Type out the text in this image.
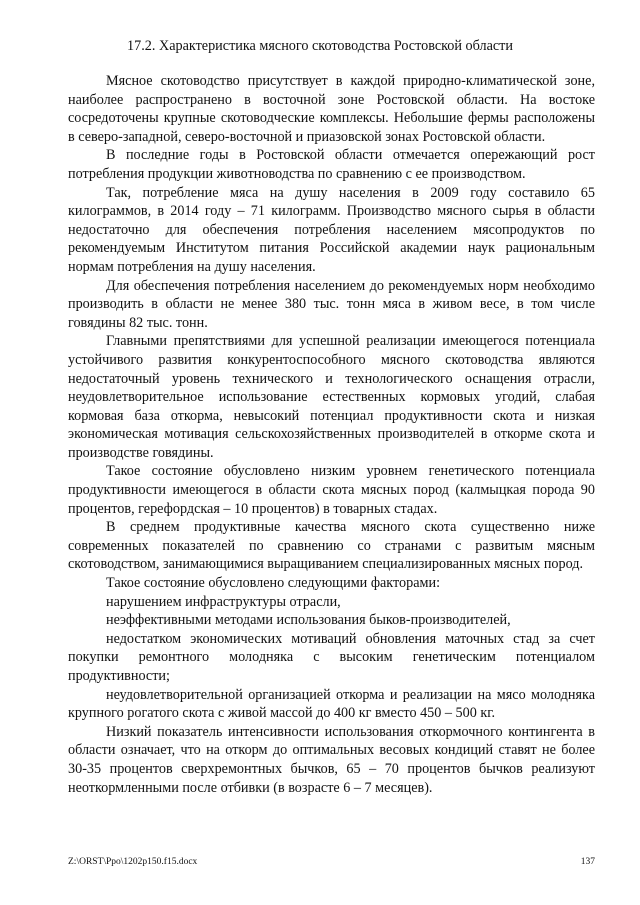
17.2. Характеристика мясного скотоводства Ростовской области

Мясное скотоводство присутствует в каждой природно-климатической зоне, наиболее распространено в восточной зоне Ростовской области. На востоке сосредоточены крупные скотоводческие комплексы. Небольшие фермы расположены в северо-западной, северо-восточной и приазовской зонах Ростовской области.

В последние годы в Ростовской области отмечается опережающий рост потребления продукции животноводства по сравнению с ее производством.

Так, потребление мяса на душу населения в 2009 году составило 65 килограммов, в 2014 году – 71 килограмм. Производство мясного сырья в области недостаточно для обеспечения потребления населением мясопродуктов по рекомендуемым Институтом питания Российской академии наук рациональным нормам потребления на душу населения.

Для обеспечения потребления населением до рекомендуемых норм необходимо производить в области не менее 380 тыс. тонн мяса в живом весе, в том числе говядины 82 тыс. тонн.

Главными препятствиями для успешной реализации имеющегося потенциала устойчивого развития конкурентоспособного мясного скотоводства являются недостаточный уровень технического и технологического оснащения отрасли, неудовлетворительное использование естественных кормовых угодий, слабая кормовая база откорма, невысокий потенциал продуктивности скота и низкая экономическая мотивация сельскохозяйственных производителей в откорме скота и производстве говядины.

Такое состояние обусловлено низким уровнем генетического потенциала продуктивности имеющегося в области скота мясных пород (калмыцкая порода 90 процентов, герефордская – 10 процентов) в товарных стадах.

В среднем продуктивные качества мясного скота существенно ниже современных показателей по сравнению со странами с развитым мясным скотоводством, занимающимися выращиванием специализированных мясных пород.

Такое состояние обусловлено следующими факторами:

нарушением инфраструктуры отрасли,

неэффективными методами использования быков-производителей,

недостатком экономических мотиваций обновления маточных стад за счет покупки ремонтного молодняка с высоким генетическим потенциалом продуктивности;

неудовлетворительной организацией откорма и реализации на мясо молодняка крупного рогатого скота с живой массой до 400 кг вместо 450 – 500 кг.

Низкий показатель интенсивности использования откормочного контингента в области означает, что на откорм до оптимальных весовых кондиций ставят не более 30-35 процентов сверхремонтных бычков, 65 – 70 процентов бычков реализуют неоткормленными после отбивки (в возрасте 6 – 7 месяцев).

Z:\ORST\Ppo\1202p150.f15.docx	137
